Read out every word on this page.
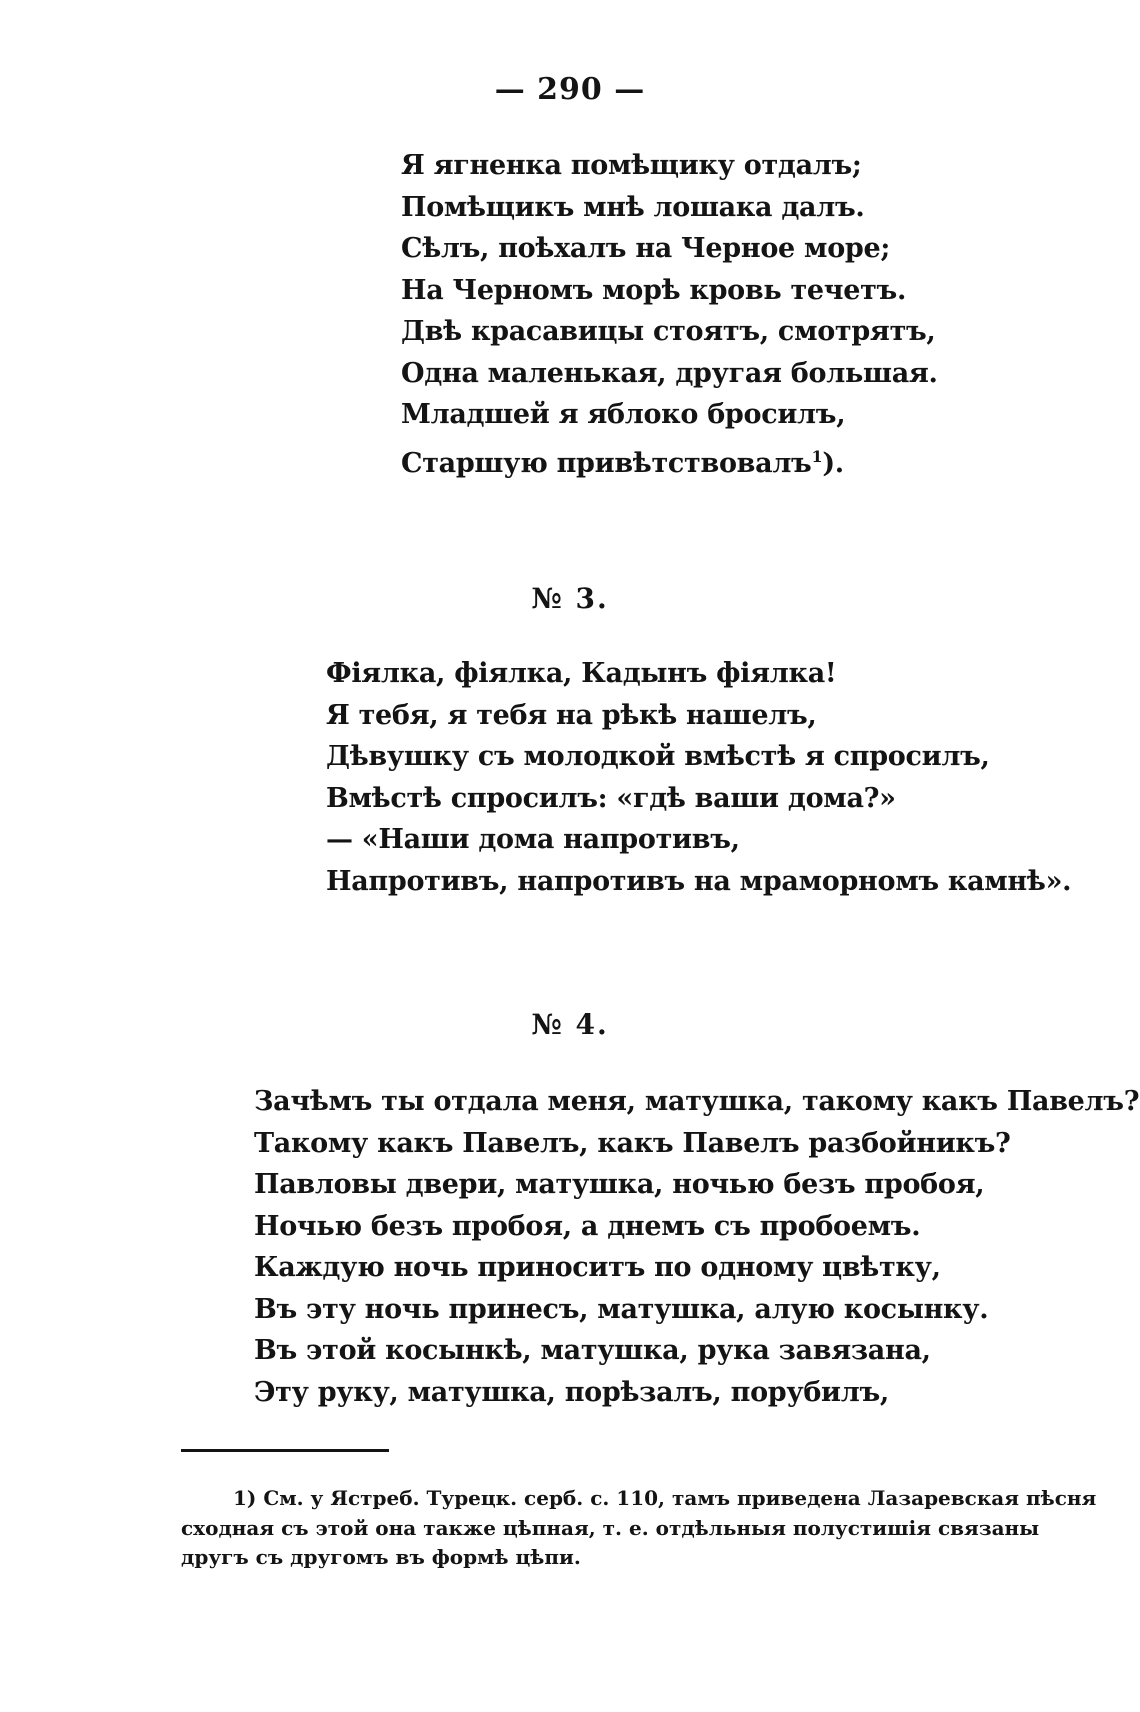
— 290 —
Я ягненка помѣщику отдалъ;
Помѣщикъ мнѣ лошака далъ.
Сѣлъ, поѣхалъ на Черное море;
На Черномъ морѣ кровь течетъ.
Двѣ красавицы стоятъ, смотрятъ,
Одна маленькая, другая большая.
Младшей я яблоко бросилъ,
Старшую привѣтствовалъ$^1$).
№ 3.
Фіялка, фіялка, Кадынъ фіялка!
Я тебя, я тебя на рѣкѣ нашелъ,
Дѣвушку съ молодкой вмѣстѣ я спросилъ,
Вмѣстѣ спросилъ: «гдѣ ваши дома?»
— «Наши дома напротивъ,
Напротивъ, напротивъ на мраморномъ камнѣ».
№ 4.
Зачѣмъ ты отдала меня, матушка, такому какъ Павелъ?
Такому какъ Павелъ, какъ Павелъ разбойникъ?
Павловы двери, матушка, ночью безъ пробоя,
Ночью безъ пробоя, а днемъ съ пробоемъ.
Каждую ночь приноситъ по одному цвѣтку,
Въ эту ночь принесъ, матушка, алую косынку.
Въ этой косынкѣ, матушка, рука завязана,
Эту руку, матушка, порѣзалъ, порубилъ,
1) См. у Ястреб. Турецк. серб. с. 110, тамъ приведена Лазаревская пѣсня
сходная съ этой она также цѣпная, т. е. отдѣльныя полустишія связаны
другъ съ другомъ въ формѣ цѣпи.
